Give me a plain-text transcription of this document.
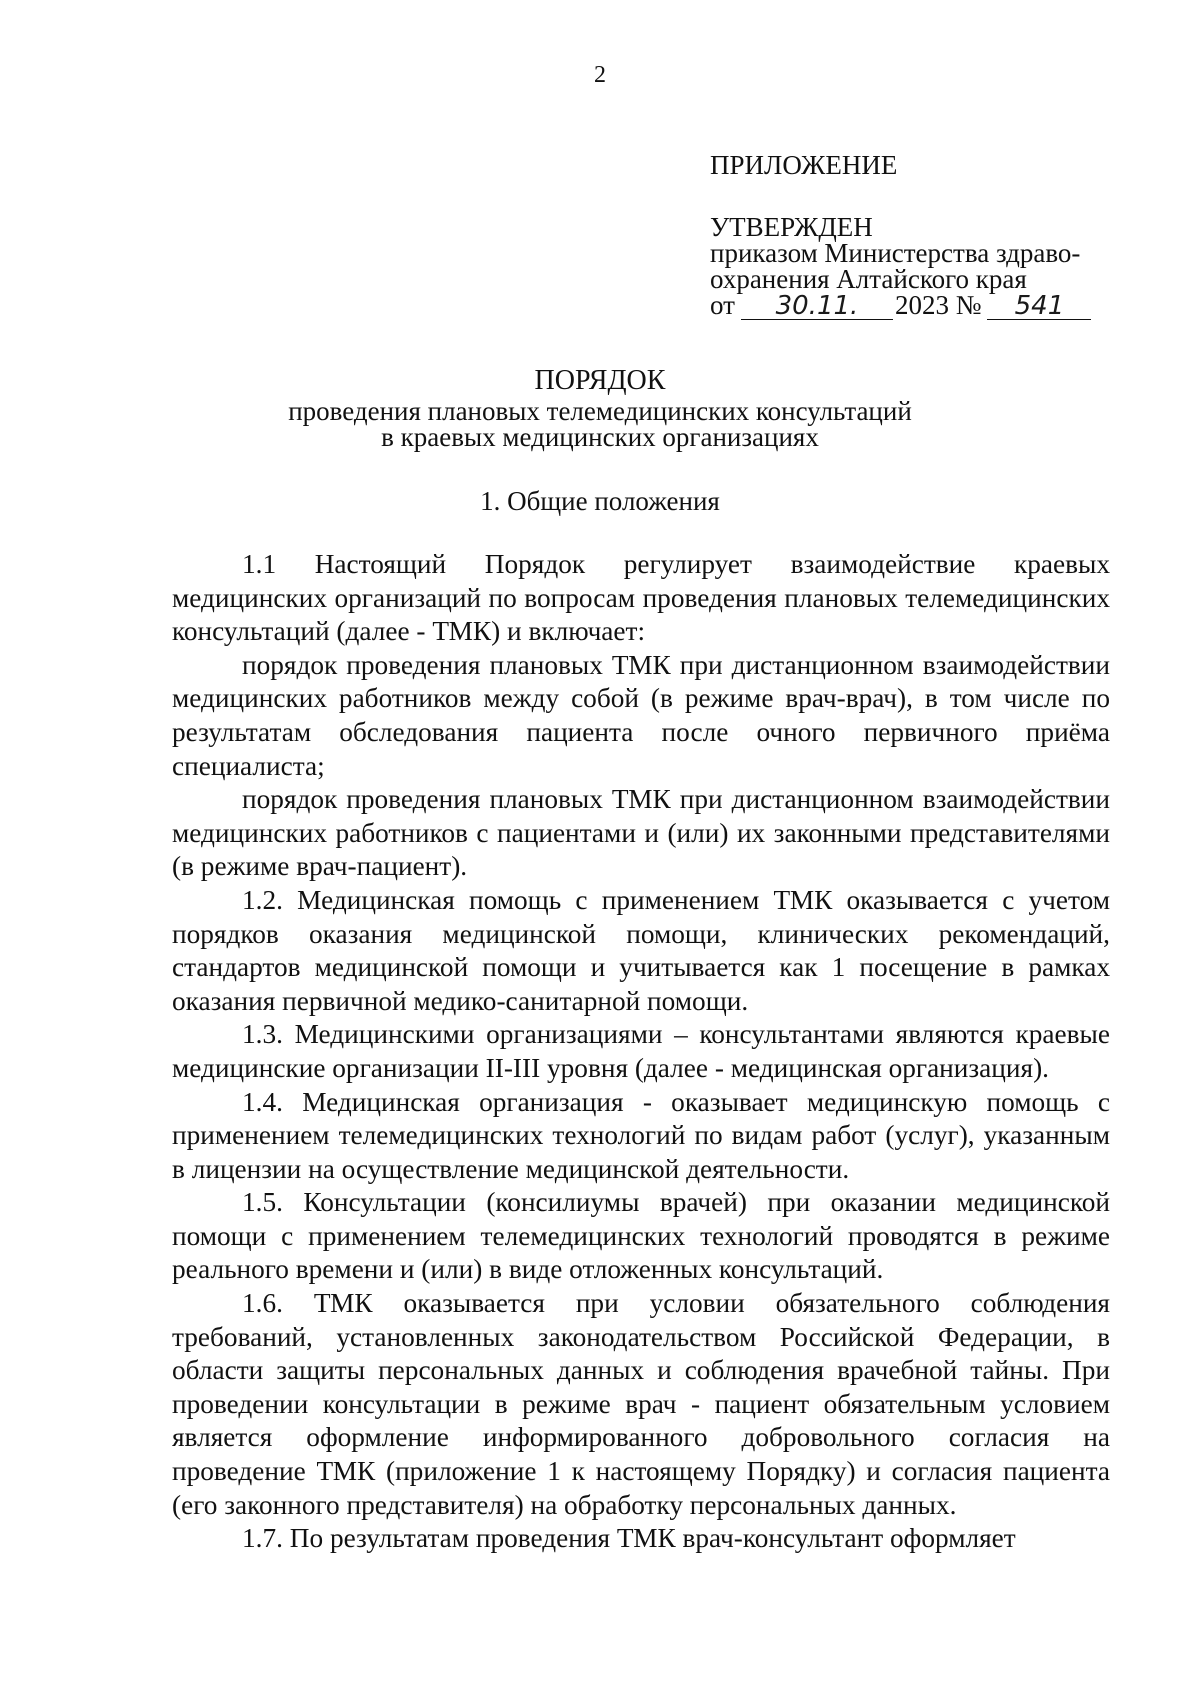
2
ПРИЛОЖЕНИЕ
УТВЕРЖДЕН
приказом Министерства здраво-
охранения Алтайского края
от 30.11. 2023 № 541
ПОРЯДОК
проведения плановых телемедицинских консультаций
в краевых медицинских организациях
1. Общие положения

1.1 Настоящий Порядок регулирует взаимодействие краевых медицинских организаций по вопросам проведения плановых телемедицинских консультаций (далее - ТМК) и включает:

порядок проведения плановых ТМК при дистанционном взаимодействии медицинских работников между собой (в режиме врач-врач), в том числе по результатам обследования пациента после очного первичного приёма специалиста;

порядок проведения плановых ТМК при дистанционном взаимодействии медицинских работников с пациентами и (или) их законными представителями (в режиме врач-пациент).

1.2. Медицинская помощь с применением ТМК оказывается с учетом порядков оказания медицинской помощи, клинических рекомендаций, стандартов медицинской помощи и учитывается как 1 посещение в рамках оказания первичной медико-санитарной помощи.

1.3. Медицинскими организациями – консультантами являются краевые медицинские организации II-III уровня (далее - медицинская организация).

1.4. Медицинская организация - оказывает медицинскую помощь с применением телемедицинских технологий по видам работ (услуг), указанным в лицензии на осуществление медицинской деятельности.

1.5. Консультации (консилиумы врачей) при оказании медицинской помощи с применением телемедицинских технологий проводятся в режиме реального времени и (или) в виде отложенных консультаций.

1.6. ТМК оказывается при условии обязательного соблюдения требований, установленных законодательством Российской Федерации, в области защиты персональных данных и соблюдения врачебной тайны. При проведении консультации в режиме врач - пациент обязательным условием является оформление информированного добровольного согласия на проведение ТМК (приложение 1 к настоящему Порядку) и согласия пациента (его законного представителя) на обработку персональных данных.

1.7. По результатам проведения ТМК врач-консультант оформляет
